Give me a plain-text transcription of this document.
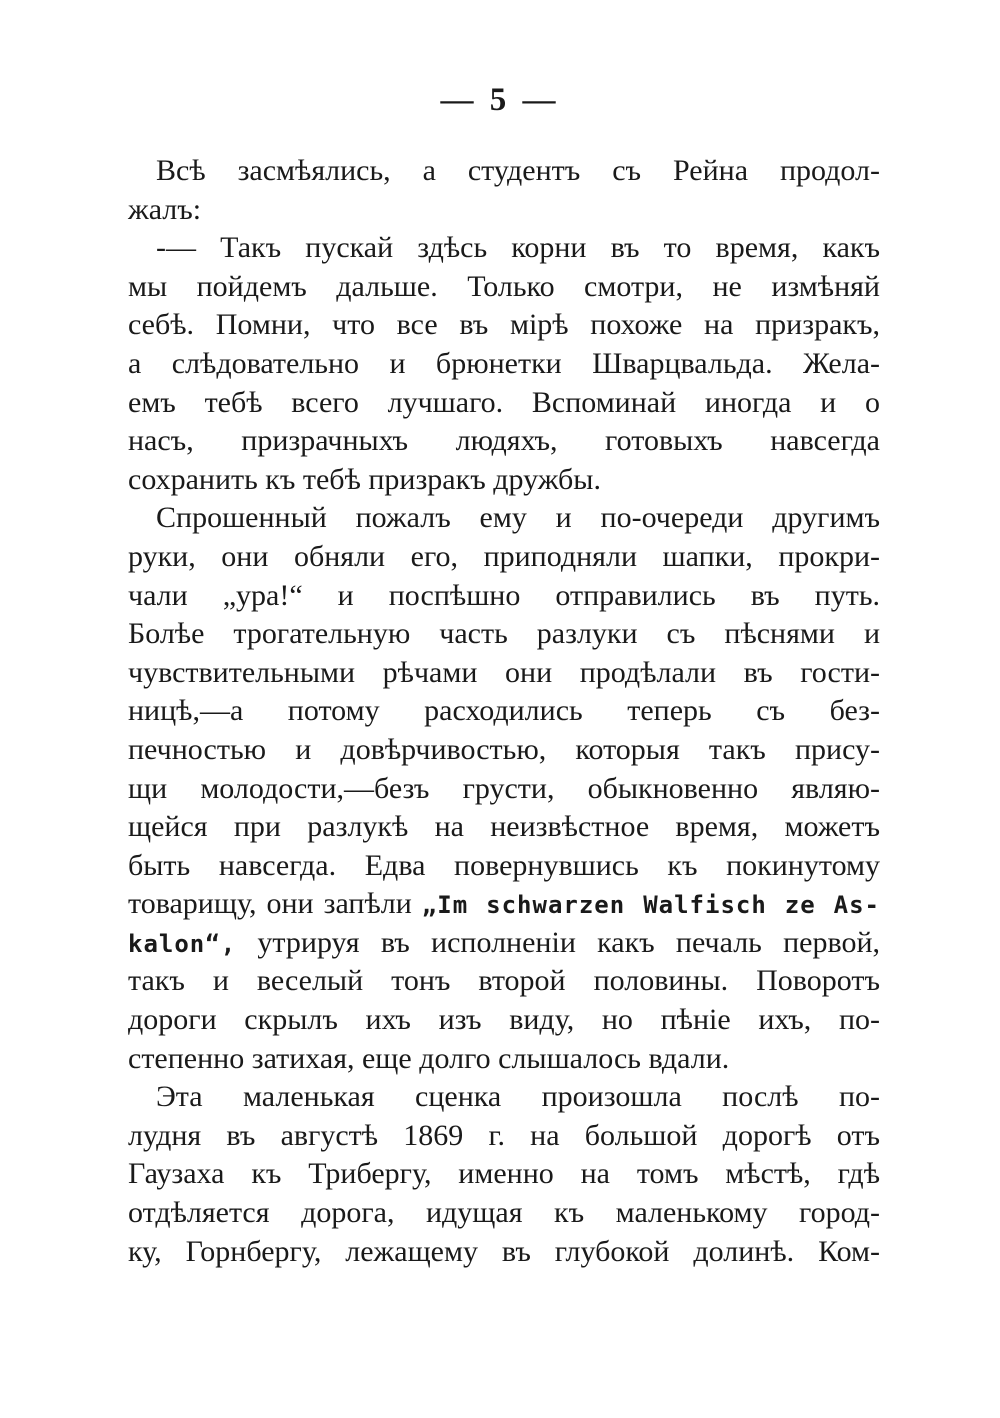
— 5 —
Всѣ засмѣялись, а студентъ съ Рейна продол-
жалъ:
-— Такъ пускай здѣсь корни въ то время, какъ
мы пойдемъ дальше. Только смотри, не измѣняй
себѣ. Помни, что все въ мірѣ похоже на призракъ,
а слѣдовательно и брюнетки Шварцвальда. Жела-
емъ тебѣ всего лучшаго. Вспоминай иногда и о
насъ, призрачныхъ людяхъ, готовыхъ навсегда
сохранить къ тебѣ призракъ дружбы.
Спрошенный пожалъ ему и по-очереди другимъ
руки, они обняли его, приподняли шапки, прокри-
чали „ура!“ и поспѣшно отправились въ путь.
Болѣе трогательную часть разлуки съ пѣснями и
чувствительными рѣчами они продѣлали въ гости-
ницѣ,—а потому расходились теперь съ без-
печностью и довѣрчивостью, которыя такъ прису-
щи молодости,—безъ грусти, обыкновенно являю-
щейся при разлукѣ на неизвѣстное время, можетъ
быть навсегда. Едва повернувшись къ покинутому
товарищу, они запѣли „Im schwarzen Walfisch ze As-
kalon“, утрируя въ исполненіи какъ печаль первой,
такъ и веселый тонъ второй половины. Поворотъ
дороги скрылъ ихъ изъ виду, но пѣніе ихъ, по-
степенно затихая, еще долго слышалось вдали.
Эта маленькая сценка произошла послѣ по-
лудня въ августѣ 1869 г. на большой дорогѣ отъ
Гаузаха къ Трибергу, именно на томъ мѣстѣ, гдѣ
отдѣляется дорога, идущая къ маленькому город-
ку, Горнбергу, лежащему въ глубокой долинѣ. Ком-
